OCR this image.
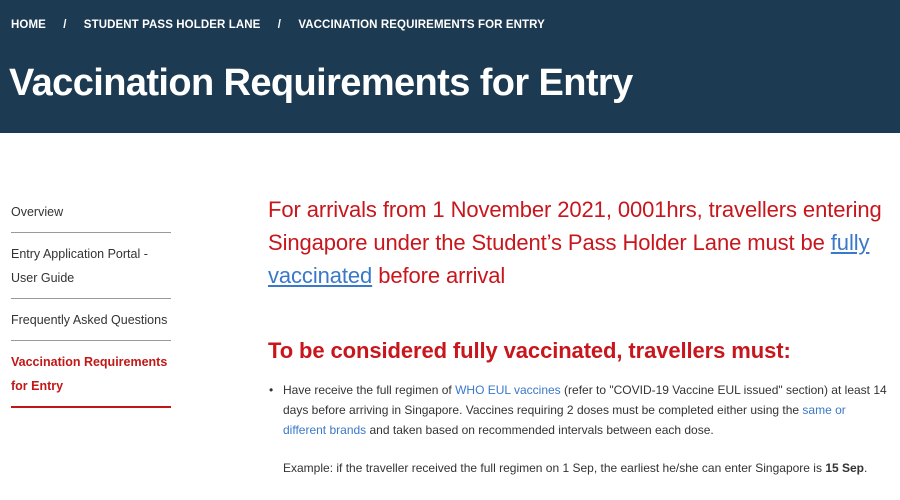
HOME / STUDENT PASS HOLDER LANE / VACCINATION REQUIREMENTS FOR ENTRY
Vaccination Requirements for Entry
Overview
Entry Application Portal - User Guide
Frequently Asked Questions
Vaccination Requirements for Entry

For arrivals from 1 November 2021, 0001hrs, travellers entering Singapore under the Student’s Pass Holder Lane must be fully vaccinated before arrival

To be considered fully vaccinated, travellers must:
• Have receive the full regimen of WHO EUL vaccines (refer to "COVID-19 Vaccine EUL issued" section) at least 14 days before arriving in Singapore. Vaccines requiring 2 doses must be completed either using the same or different brands and taken based on recommended intervals between each dose.

Example: if the traveller received the full regimen on 1 Sep, the earliest he/she can enter Singapore is 15 Sep.
